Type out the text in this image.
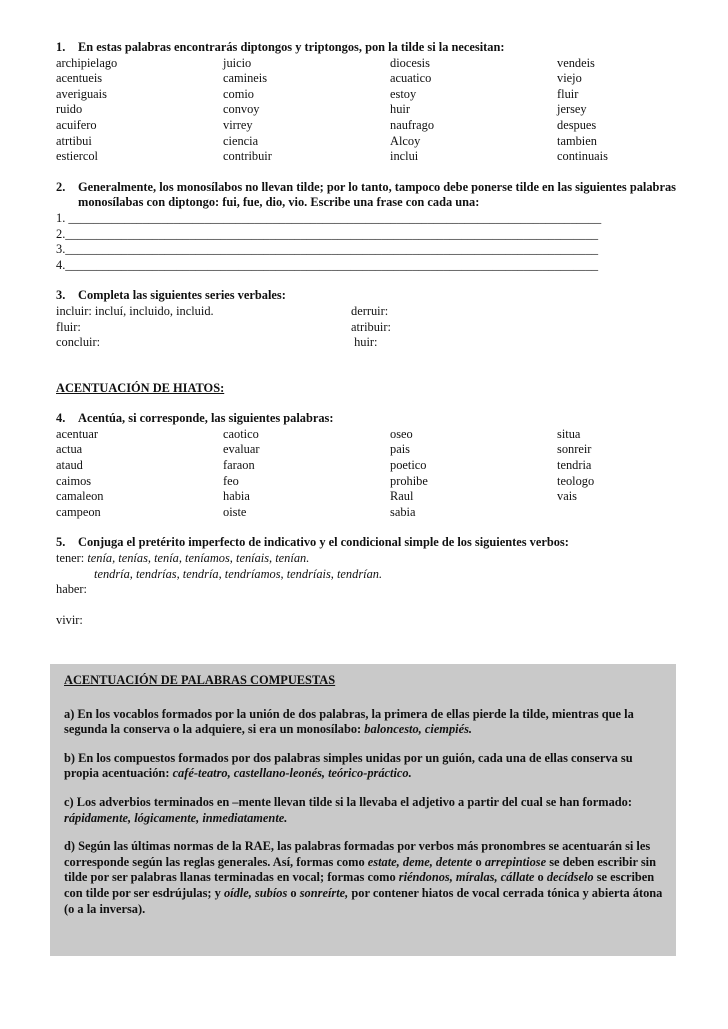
1.	En estas palabras encontrarás diptongos y triptongos, pon la tilde si la necesitan:
archipielago	juicio	diocesis	vendeis
acentueis	camineis	acuatico	viejo
averiguais	comio	estoy	fluir
ruido	convoy	huir	jersey
acuifero	virrey	naufrago	despues
atrtibui	ciencia	Alcoy	tambien
estiercol	contribuir	inclui	continuais
2.	Generalmente, los monosílabos no llevan tilde; por lo tanto, tampoco debe ponerse tilde en las siguientes palabras monosílabas con diptongo: fui, fue, dio, vio. Escribe una frase con cada una:
1. ______________________________________________________________________________________
2.______________________________________________________________________________________
3.______________________________________________________________________________________
4.______________________________________________________________________________________
3.	Completa las siguientes series verbales:
incluir: incluí, incluido, incluid.	derruir:
fluir:	atribuir:
concluir:	huir:
ACENTUACIÓN DE HIATOS:
4.	Acentúa, si corresponde, las siguientes palabras:
acentuar	caotico	oseo	situa
actua	evaluar	pais	sonreir
ataud	faraon	poetico	tendria
caimos	feo	prohibe	teologo
camaleon	habia	Raul	vais
campeon	oiste	sabia
5.	Conjuga el pretérito imperfecto de indicativo y el condicional simple de los siguientes verbos:
tener: tenía, tenías, tenía, teníamos, teníais, tenían.
tendría, tendrías, tendría, tendríamos, tendríais, tendrían.
haber:
vivir:
ACENTUACIÓN DE PALABRAS COMPUESTAS

a) En los vocablos formados por la unión de dos palabras, la primera de ellas pierde la tilde, mientras que la segunda la conserva o la adquiere, si era un monosílabo: baloncesto, ciempiés.

b) En los compuestos formados por dos palabras simples unidas por un guión, cada una de ellas conserva su propia acentuación: café-teatro, castellano-leonés, teórico-práctico.

c) Los adverbios terminados en –mente llevan tilde si la llevaba el adjetivo a partir del cual se han formado: rápidamente, lógicamente, inmediatamente.

d) Según las últimas normas de la RAE, las palabras formadas por verbos más pronombres se acentuarán si les corresponde según las reglas generales. Así, formas como estate, deme, detente o arrepintiose se deben escribir sin tilde por ser palabras llanas terminadas en vocal; formas como riéndonos, míralas, cállate o decídselo se escriben con tilde por ser esdrújulas; y oídle, subíos o sonreírte, por contener hiatos de vocal cerrada tónica y abierta átona (o a la inversa).
